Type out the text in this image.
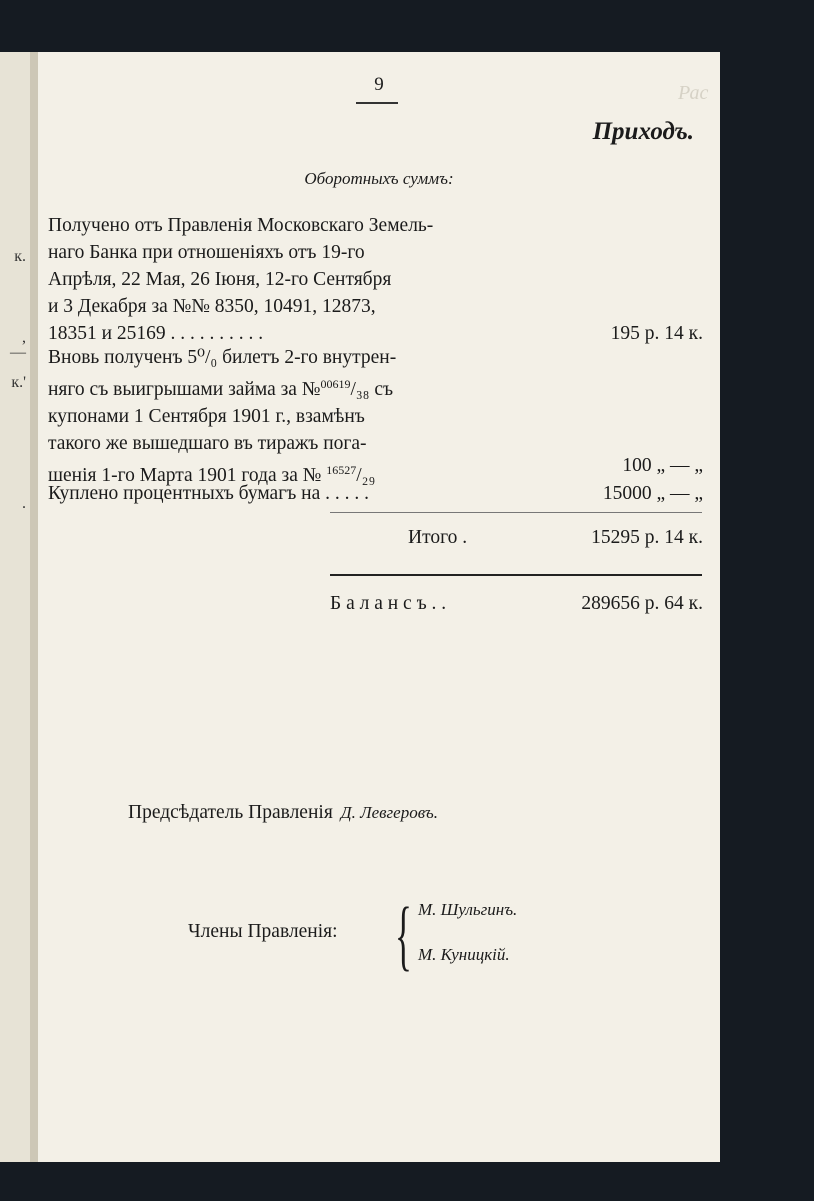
к.
,
—
к.'
.
Рас
9
Приходъ.
Оборотныхъ суммъ:
Получено отъ Правленія Московскаго Земель-
наго Банка при отношеніяхъ отъ 19-го
Апрѣля, 22 Мая, 26 Іюня, 12-го Сентября
и 3 Декабря за №№ 8350, 10491, 12873,
18351 и 25169 . . . . . . . . . .	195 р. 14 к.
Вновь полученъ 5⁰/₀ билетъ 2-го внутрен-
няго съ выигрышами займа за №$^{00619}$/₃₈ съ
купонами 1 Сентября 1901 г., взамѣнъ
такого же вышедшаго въ тиражъ пога-
шенія 1-го Марта 1901 года за № $^{16527}$/₂₉	100 „ — „
Куплено процентныхъ бумагъ на . . . . .	15000 „ — „
Итого .	15295 р. 14 к.
Б а л а н с ъ . .	289656 р. 64 к.
Предсѣдатель Правленія Д. Левгеровъ.
Члены Правленія: { М. Шульгинъ.
М. Куницкій.
